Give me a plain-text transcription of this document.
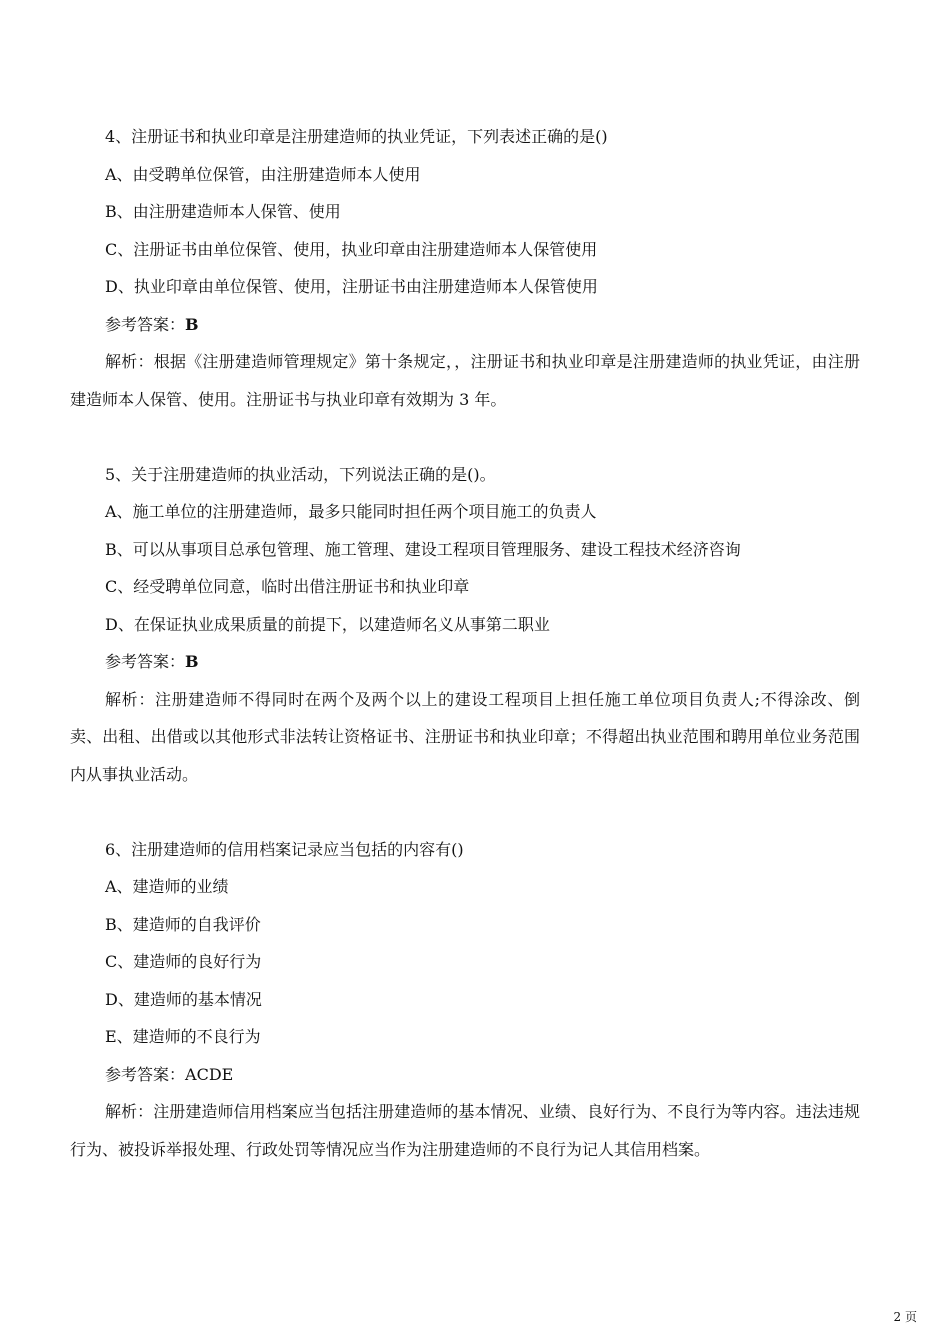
4、注册证书和执业印章是注册建造师的执业凭证，下列表述正确的是()

A、由受聘单位保管，由注册建造师本人使用

B、由注册建造师本人保管、使用

C、注册证书由单位保管、使用，执业印章由注册建造师本人保管使用

D、执业印章由单位保管、使用，注册证书由注册建造师本人保管使用

参考答案：B

解析：根据《注册建造师管理规定》第十条规定，，注册证书和执业印章是注册建造师的执业凭证，由注册建造师本人保管、使用。注册证书与执业印章有效期为 3 年。

5、关于注册建造师的执业活动，下列说法正确的是()。

A、施工单位的注册建造师，最多只能同时担任两个项目施工的负责人

B、可以从事项目总承包管理、施工管理、建设工程项目管理服务、建设工程技术经济咨询

C、经受聘单位同意，临时出借注册证书和执业印章

D、在保证执业成果质量的前提下，以建造师名义从事第二职业

参考答案：B

解析：注册建造师不得同时在两个及两个以上的建设工程项目上担任施工单位项目负责人;不得涂改、倒卖、出租、出借或以其他形式非法转让资格证书、注册证书和执业印章；不得超出执业范围和聘用单位业务范围内从事执业活动。

6、注册建造师的信用档案记录应当包括的内容有()

A、建造师的业绩

B、建造师的自我评价

C、建造师的良好行为

D、建造师的基本情况

E、建造师的不良行为

参考答案：ACDE

解析：注册建造师信用档案应当包括注册建造师的基本情况、业绩、良好行为、不良行为等内容。违法违规行为、被投诉举报处理、行政处罚等情况应当作为注册建造师的不良行为记人其信用档案。

2 页
